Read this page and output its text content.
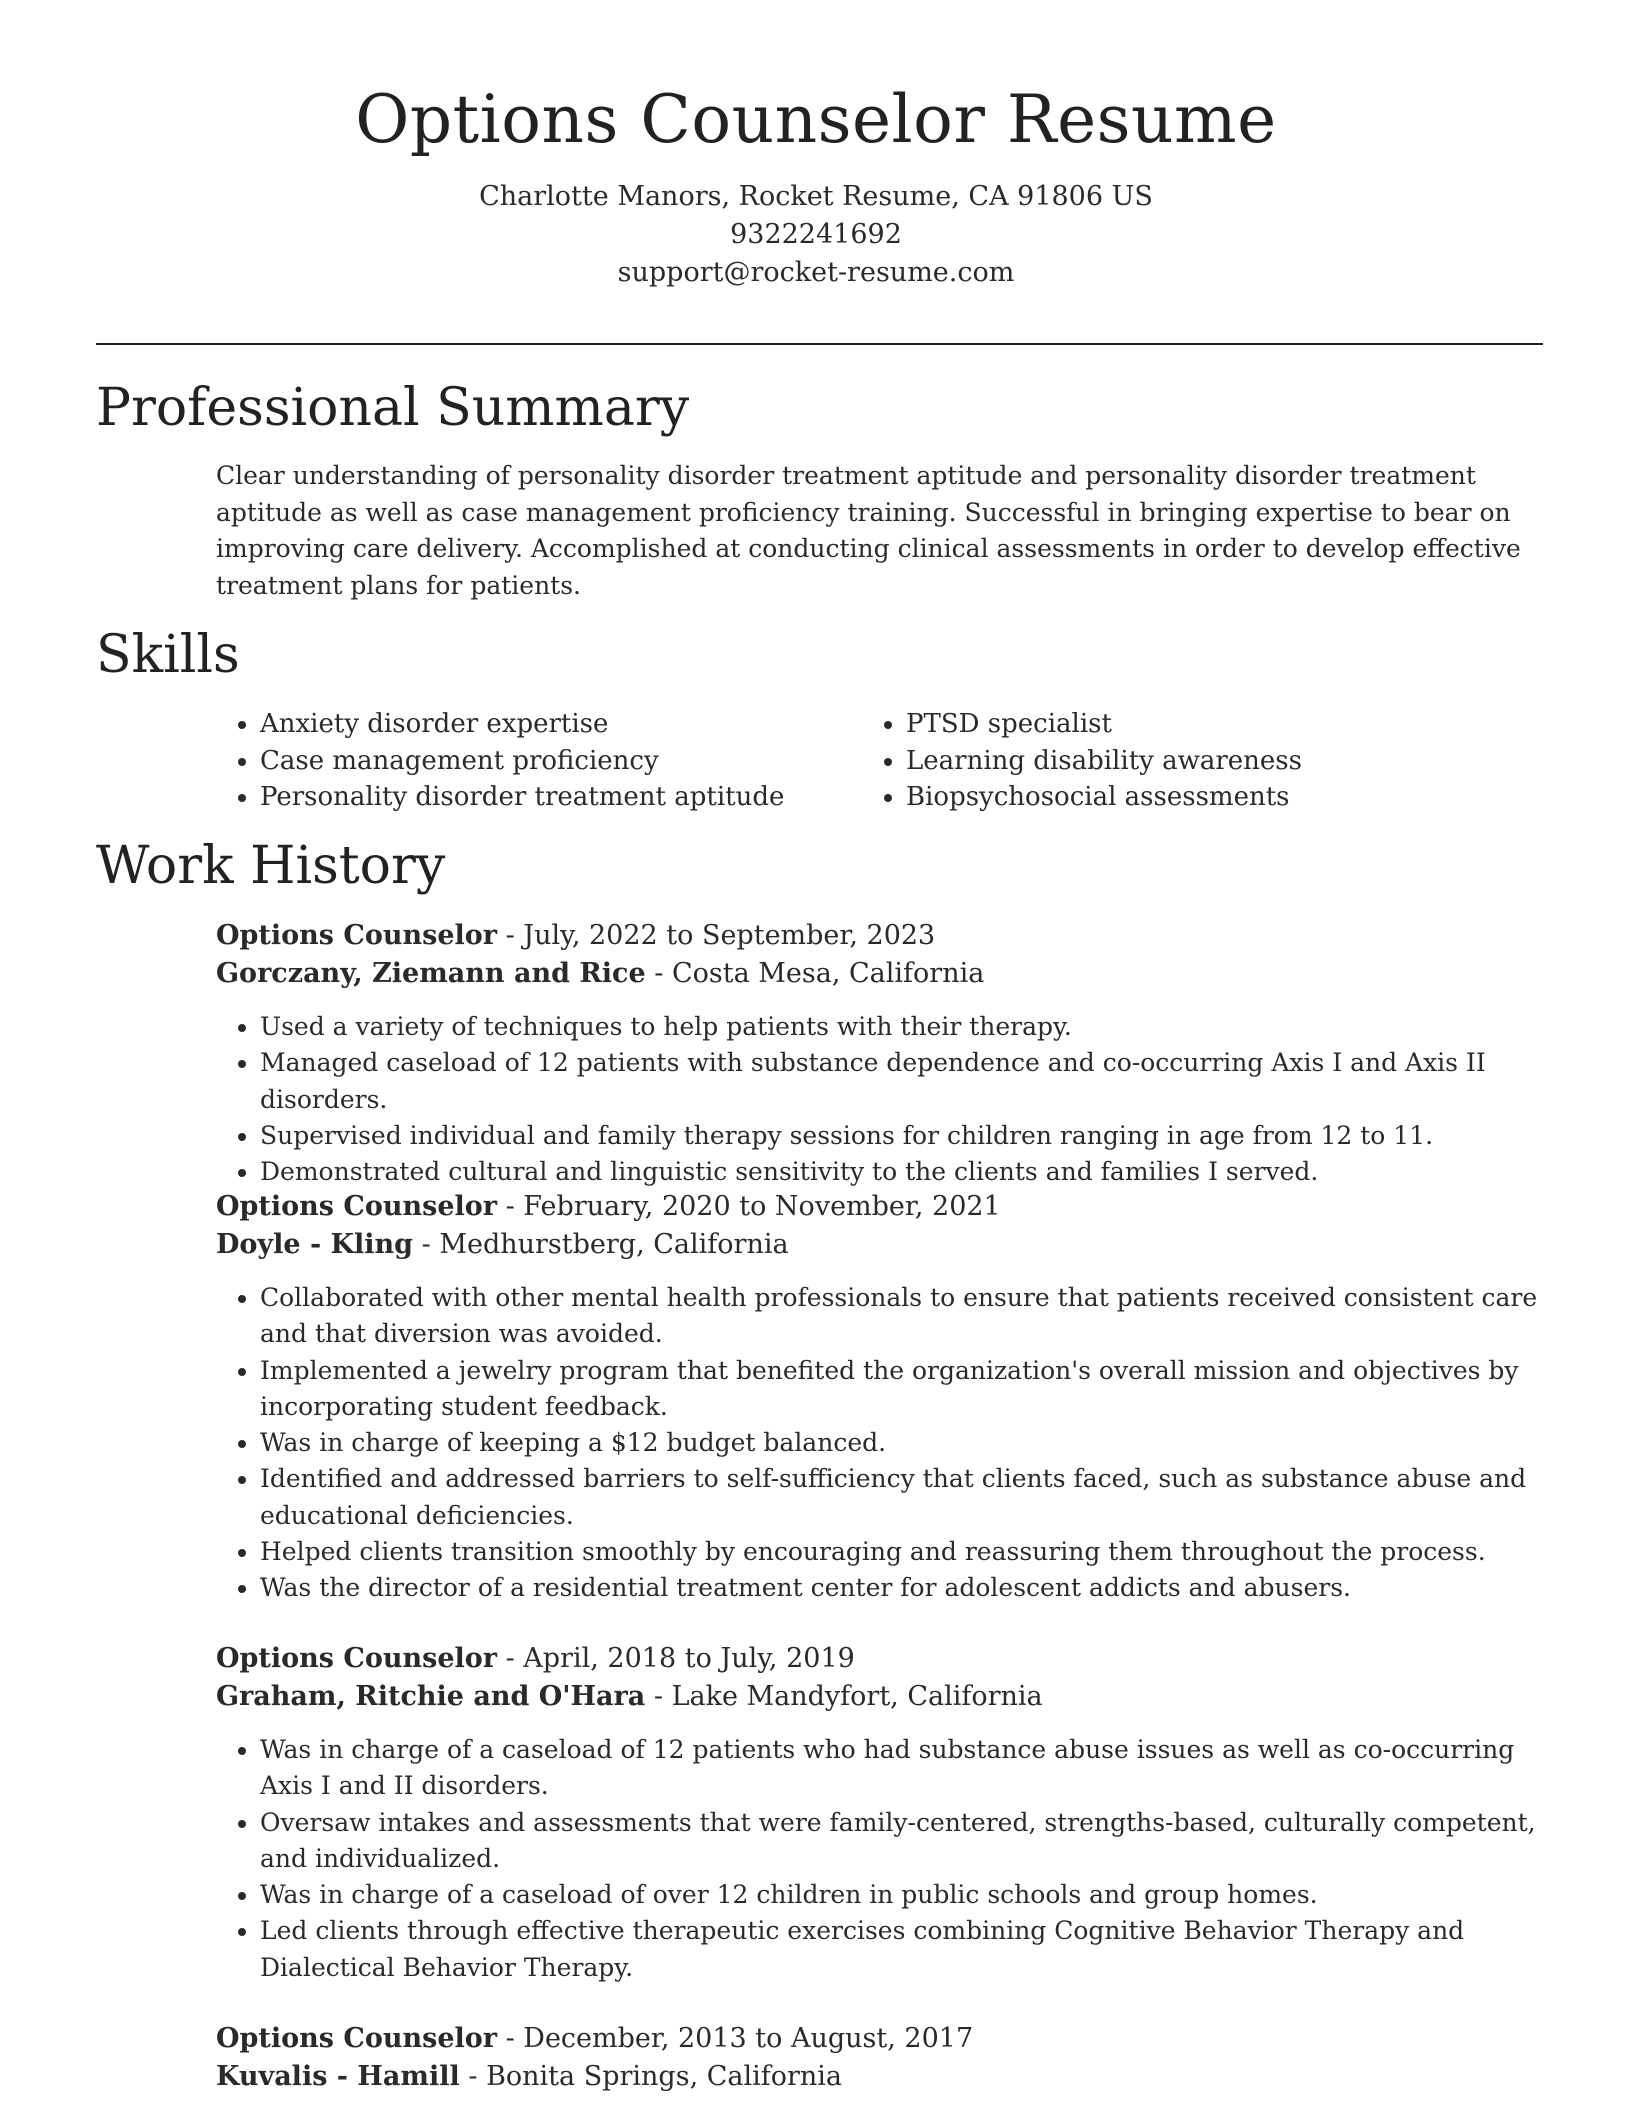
Options Counselor Resume
Charlotte Manors, Rocket Resume, CA 91806 US
9322241692
support@rocket-resume.com
Professional Summary

Clear understanding of personality disorder treatment aptitude and personality disorder treatment aptitude as well as case management proficiency training. Successful in bringing expertise to bear on improving care delivery. Accomplished at conducting clinical assessments in order to develop effective treatment plans for patients.

Skills
• Anxiety disorder expertise
• Case management proficiency
• Personality disorder treatment aptitude
• PTSD specialist
• Learning disability awareness
• Biopsychosocial assessments
Work History
Options Counselor - July, 2022 to September, 2023
Gorczany, Ziemann and Rice - Costa Mesa, California
• Used a variety of techniques to help patients with their therapy.
• Managed caseload of 12 patients with substance dependence and co-occurring Axis I and Axis II disorders.
• Supervised individual and family therapy sessions for children ranging in age from 12 to 11.
• Demonstrated cultural and linguistic sensitivity to the clients and families I served.
Options Counselor - February, 2020 to November, 2021
Doyle - Kling - Medhurstberg, California
• Collaborated with other mental health professionals to ensure that patients received consistent care and that diversion was avoided.
• Implemented a jewelry program that benefited the organization's overall mission and objectives by incorporating student feedback.
• Was in charge of keeping a $12 budget balanced.
• Identified and addressed barriers to self-sufficiency that clients faced, such as substance abuse and educational deficiencies.
• Helped clients transition smoothly by encouraging and reassuring them throughout the process.
• Was the director of a residential treatment center for adolescent addicts and abusers.
Options Counselor - April, 2018 to July, 2019
Graham, Ritchie and O'Hara - Lake Mandyfort, California
• Was in charge of a caseload of 12 patients who had substance abuse issues as well as co-occurring Axis I and II disorders.
• Oversaw intakes and assessments that were family-centered, strengths-based, culturally competent, and individualized.
• Was in charge of a caseload of over 12 children in public schools and group homes.
• Led clients through effective therapeutic exercises combining Cognitive Behavior Therapy and Dialectical Behavior Therapy.
Options Counselor - December, 2013 to August, 2017
Kuvalis - Hamill - Bonita Springs, California
